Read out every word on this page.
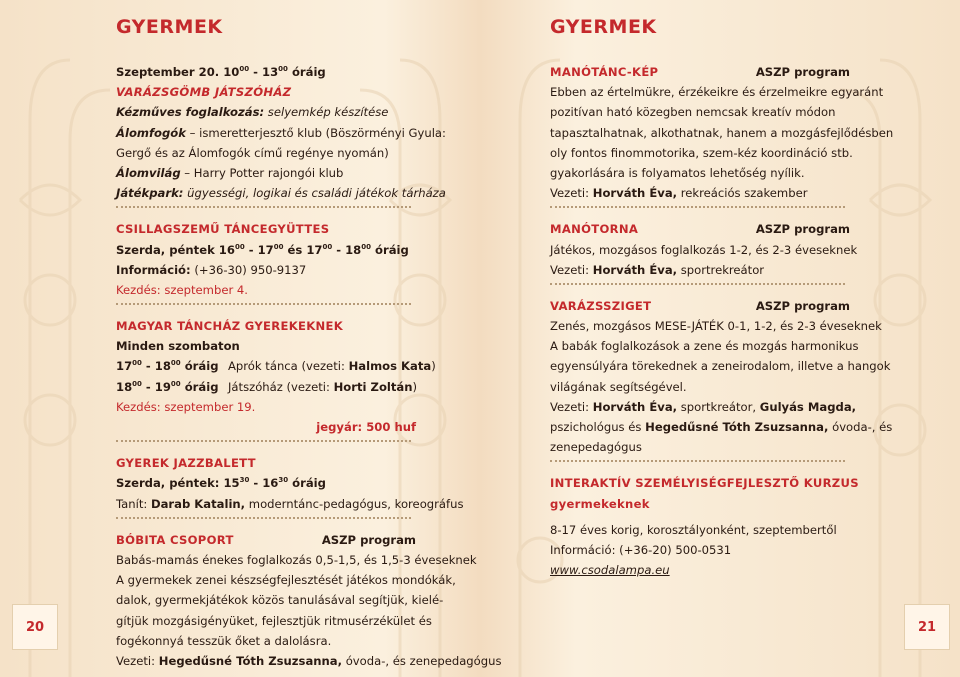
GYERMEK
Szeptember 20. $10^{00} - 13^{00}$ óráig
VARÁZSGÖMB JÁTSZÓHÁZ
Kézműves foglalkozás: selyemkép készítése
Álomfogók – ismeretterjesztő klub (Böszörményi Gyula:
Gergő és az Álomfogók című regénye nyomán)
Álomvilág – Harry Potter rajongói klub
Játékpark: ügyességi, logikai és családi játékok tárháza
CSILLAGSZEMŰ TÁNCEGYÜTTES
Szerda, péntek $16^{00} - 17^{00}$ és $17^{00} - 18^{00}$ óráig
Információ: (+36-30) 950-9137
Kezdés: szeptember 4.
MAGYAR TÁNCHÁZ GYEREKEKNEK
Minden szombaton
$17^{00} - 18^{00}$ óráig Aprók tánca (vezeti: Halmos Kata)
$18^{00} - 19^{00}$ óráig Játszóház (vezeti: Horti Zoltán)
Kezdés: szeptember 19.
jegyár: 500 huf
GYEREK JAZZBALETT
Szerda, péntek: $15^{30} - 16^{30}$ óráig
Tanít: Darab Katalin, moderntánc-pedagógus, koreográfus
BÓBITA CSOPORT	ASZP program
Babás-mamás énekes foglalkozás 0,5-1,5, és 1,5-3 éveseknek
A gyermekek zenei készségfejlesztését játékos mondókák,
dalok, gyermekjátékok közös tanulásával segítjük, kielé-
gítjük mozgásigényüket, fejlesztjük ritmusérzékület és
fogékonnyá tesszük őket a dalolásra.
Vezeti: Hegedűsné Tóth Zsuzsanna, óvoda-, és zenepedagógus
20
GYERMEK
MANÓTÁNC-KÉP	ASZP program
Ebben az értelmükre, érzékeikre és érzelmeikre egyaránt
pozitívan ható közegben nemcsak kreatív módon
tapasztalhatnak, alkothatnak, hanem a mozgásfejlődésben
oly fontos finommotorika, szem-kéz koordináció stb.
gyakorlására is folyamatos lehetőség nyílik.
Vezeti: Horváth Éva, rekreációs szakember
MANÓTORNA	ASZP program
Játékos, mozgásos foglalkozás 1-2, és 2-3 éveseknek
Vezeti: Horváth Éva, sportrekreátor
VARÁZSSZIGET	ASZP program
Zenés, mozgásos MESE-JÁTÉK 0-1, 1-2, és 2-3 éveseknek
A babák foglalkozások a zene és mozgás harmonikus
egyensúlyára törekednek a zeneirodalom, illetve a hangok
világának segítségével.
Vezeti: Horváth Éva, sportkreátor, Gulyás Magda,
pszichológus és Hegedűsné Tóth Zsuzsanna, óvoda-, és
zenepedagógus
INTERAKTÍV SZEMÉLYISÉGFEJLESZTŐ KURZUS
gyermekeknek
8-17 éves korig, korosztályonként, szeptembertől
Információ: (+36-20) 500-0531
www.csodalampa.eu
21
